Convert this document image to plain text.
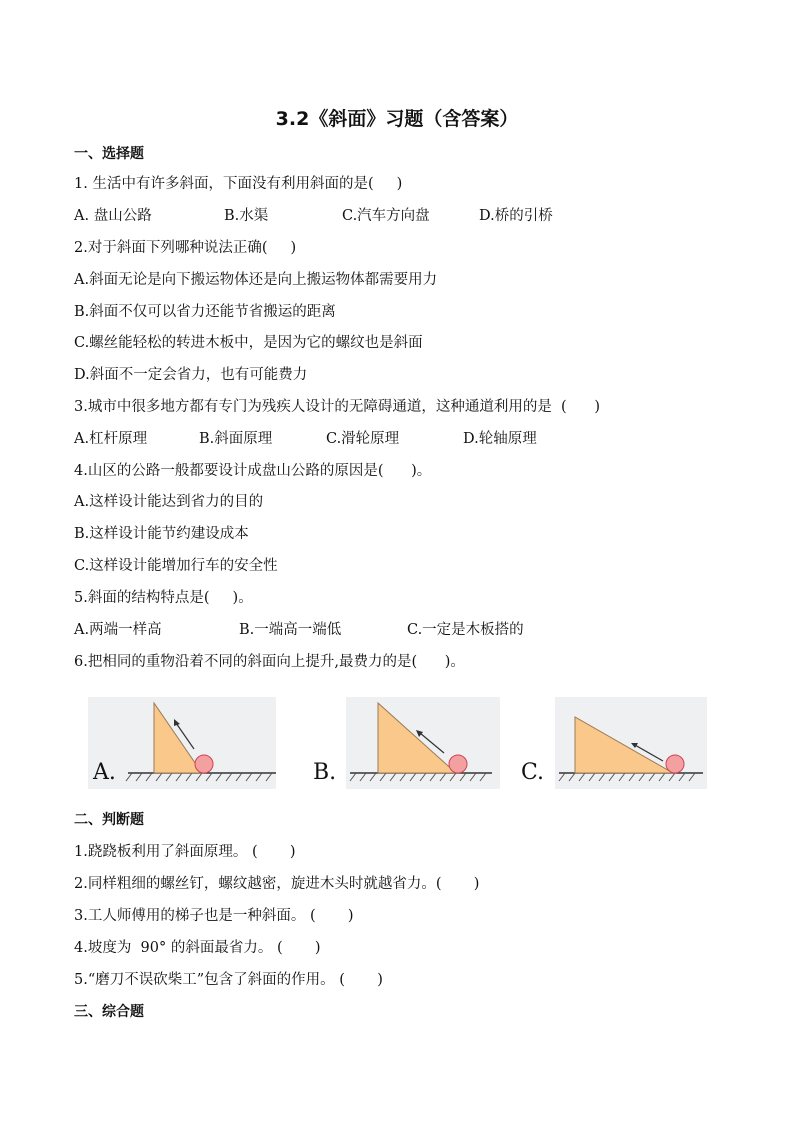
3.2《斜面》习题（含答案）
一、选择题
1. 生活中有许多斜面，下面没有利用斜面的是(     )

A. 盘山公路

	B.水渠

	C.汽车方向盘

	D.桥的引桥

2.对于斜面下列哪种说法正确(     )
A.斜面无论是向下搬运物体还是向上搬运物体都需要用力
B.斜面不仅可以省力还能节省搬运的距离
C.螺丝能轻松的转进木板中，是因为它的螺纹也是斜面
D.斜面不一定会省力，也有可能费力
3.城市中很多地方都有专门为残疾人设计的无障碍通道，这种通道利用的是  (      )

A.杠杆原理

	B.斜面原理

	C.滑轮原理

	D.轮轴原理

4.山区的公路一般都要设计成盘山公路的原因是(      )。
A.这样设计能达到省力的目的
B.这样设计能节约建设成本
C.这样设计能增加行车的安全性
5.斜面的结构特点是(     )。

A.两端一样高

	B.一端高一端低

	C.一定是木板搭的

6.把相同的重物沿着不同的斜面向上提升,最费力的是(      )。
A.	B.	C.
二、判断题
1.跷跷板利用了斜面原理。 (       )
2.同样粗细的螺丝钉，螺纹越密，旋进木头时就越省力。(       )
3.工人师傅用的梯子也是一种斜面。 (       )
4.坡度为  90° 的斜面最省力。 (       )
5.“磨刀不误砍柴工”包含了斜面的作用。 (       )
三、综合题
